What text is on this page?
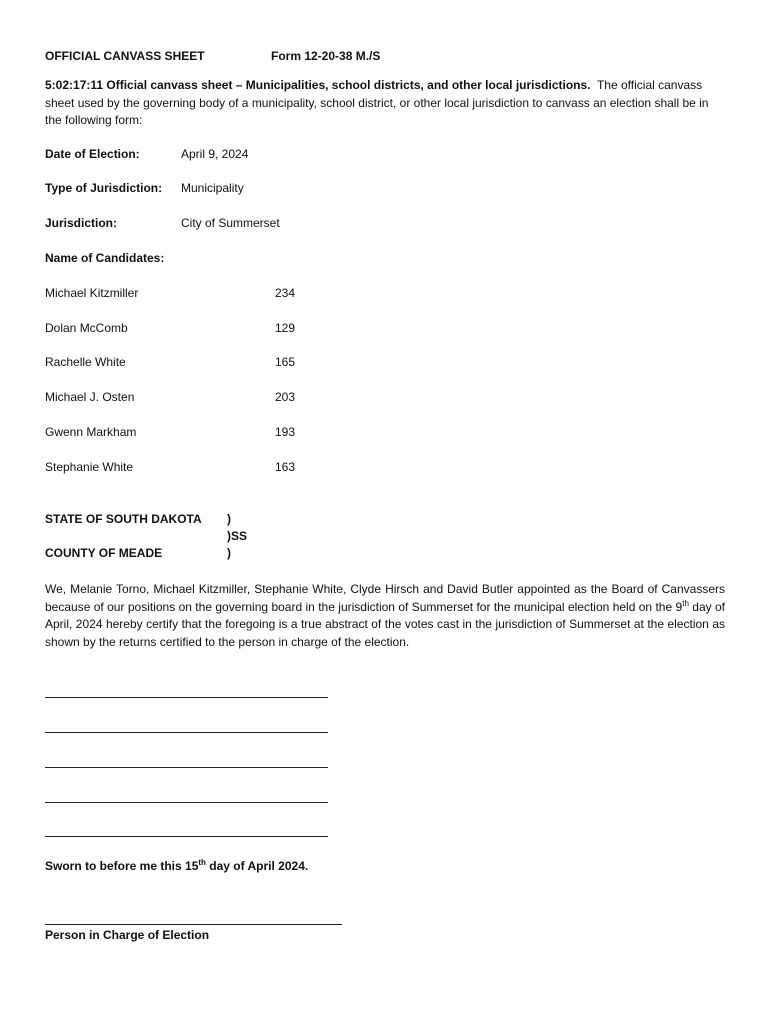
OFFICIAL CANVASS SHEET	Form 12-20-38 M./S
5:02:17:11 Official canvass sheet – Municipalities, school districts, and other local jurisdictions. The official canvass sheet used by the governing body of a municipality, school district, or other local jurisdiction to canvass an election shall be in the following form:
Date of Election:	April 9, 2024
Type of Jurisdiction: Municipality
Jurisdiction:	City of Summerset
Name of Candidates:
Michael Kitzmiller	234
Dolan McComb	129
Rachelle White	165
Michael J. Osten	203
Gwenn Markham	193
Stephanie White	163
STATE OF SOUTH DAKOTA )
)SS
COUNTY OF MEADE	)
We, Melanie Torno, Michael Kitzmiller, Stephanie White, Clyde Hirsch and David Butler appointed as the Board of Canvassers because of our positions on the governing board in the jurisdiction of Summerset for the municipal election held on the 9th day of April, 2024 hereby certify that the foregoing is a true abstract of the votes cast in the jurisdiction of Summerset at the election as shown by the returns certified to the person in charge of the election.
Sworn to before me this 15th day of April 2024.
Person in Charge of Election
